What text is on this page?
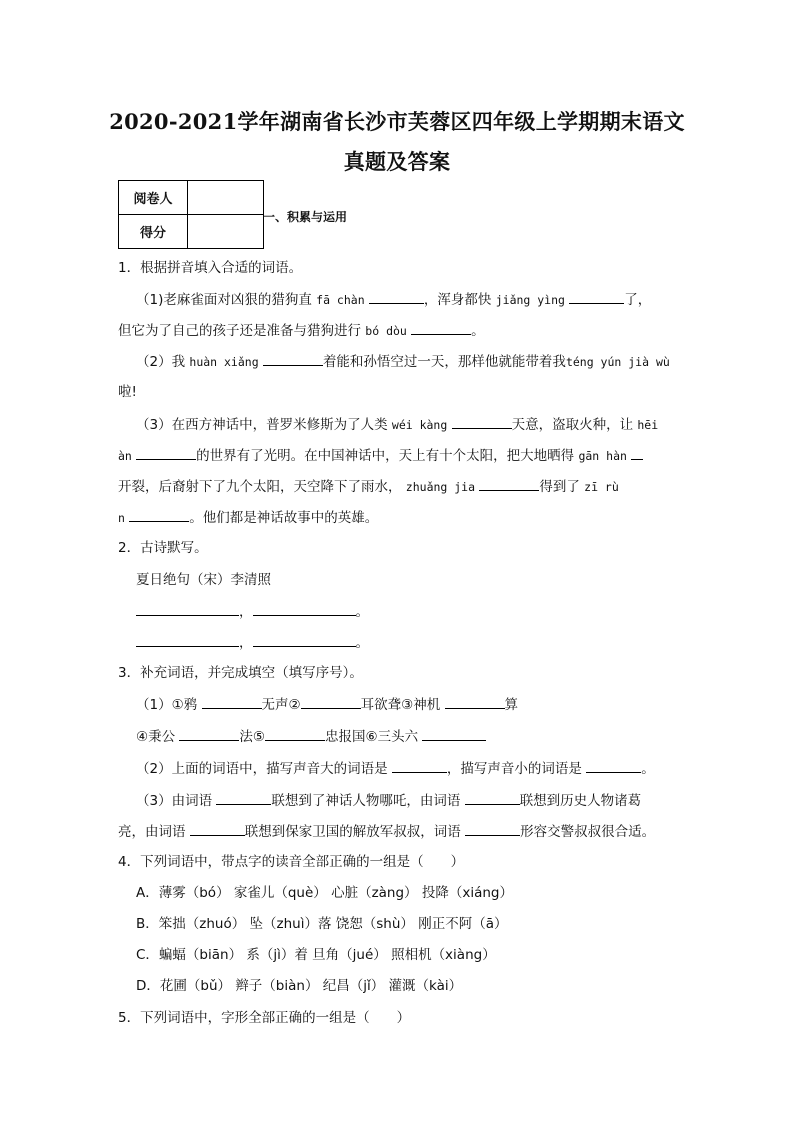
2020-2021学年湖南省长沙市芙蓉区四年级上学期期末语文
真题及答案
阅卷人	
得分	
一、积累与运用
1．根据拼音填入合适的词语。
（1)老麻雀面对凶狠的猎狗直 fā chàn	，浑身都快 jiǎng yìng	了，
但它为了自己的孩子还是准备与猎狗进行 bó dòu	。
（2）我 huàn xiǎng	着能和孙悟空过一天，那样他就能带着我téng yún jià wù
啦!
（3）在西方神话中，普罗米修斯为了人类 wéi kàng	天意，盗取火种，让 hēi
àn	的世界有了光明。在中国神话中，天上有十个太阳，把大地晒得 gān hàn
开裂，后裔射下了九个太阳，天空降下了雨水， zhuǎng jia	得到了 zī rù
n	。他们都是神话故事中的英雄。
2．古诗默写。
夏日绝句（宋）李清照
，	。
，	。
3．补充词语，并完成填空（填写序号）。
（1）①鸦	无声②	耳欲聋③神机	算
④秉公	法⑤	忠报国⑥三头六
（2）上面的词语中，描写声音大的词语是	，描写声音小的词语是	。
（3）由词语	联想到了神话人物哪吒，由词语	联想到历史人物诸葛
亮，由词语	联想到保家卫国的解放军叔叔，词语	形容交警叔叔很合适。
4．下列词语中，带点字的读音全部正确的一组是（　　）
A．薄雾（bó） 家雀儿（què） 心脏（zàng） 投降（xiáng）
B．笨拙（zhuó） 坠（zhuì）落 饶恕（shù） 刚正不阿（ā）
C．蝙蝠（biān） 系（jì）着 旦角（jué） 照相机（xiàng）
D．花圃（bǔ） 辫子（biàn） 纪昌（jǐ） 灌溉（kài）
5．下列词语中，字形全部正确的一组是（　　）
